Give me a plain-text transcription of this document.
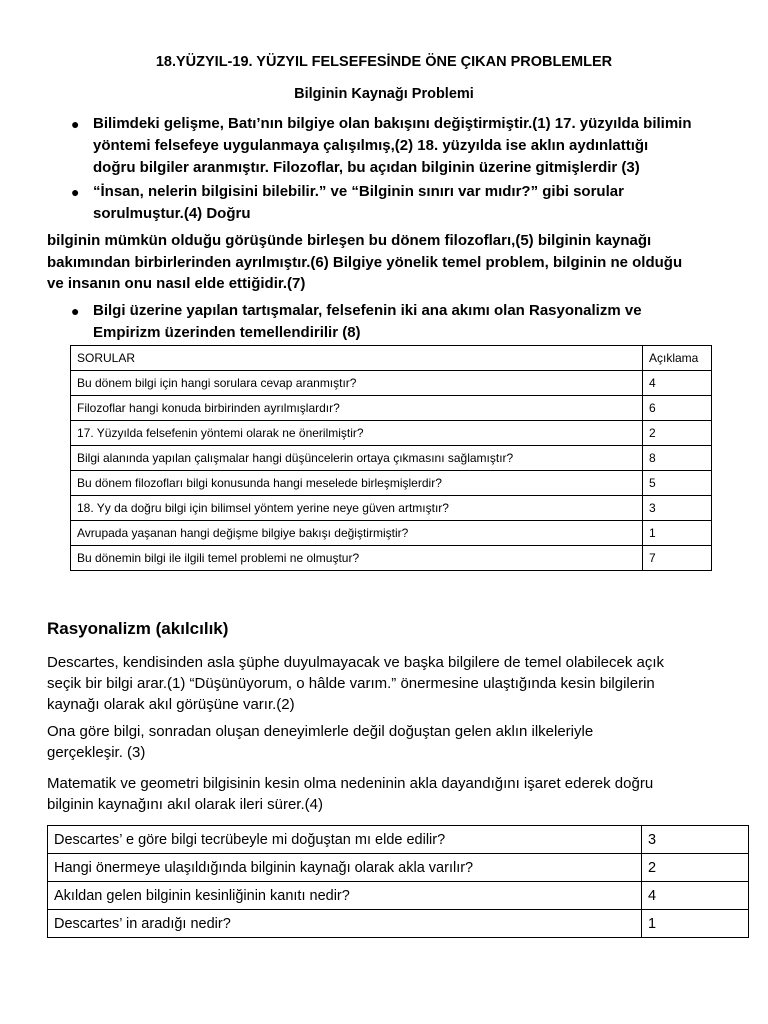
18.YÜZYIL-19. YÜZYIL FELSEFESİNDE ÖNE ÇIKAN PROBLEMLER
Bilginin Kaynağı Problemi
● Bilimdeki gelişme, Batı’nın bilgiye olan bakışını değiştirmiştir.(1) 17. yüzyılda bilimin
yöntemi felsefeye uygulanmaya çalışılmış,(2) 18. yüzyılda ise aklın aydınlattığı
doğru bilgiler aranmıştır. Filozoflar, bu açıdan bilginin üzerine gitmişlerdir (3)
● “İnsan, nelerin bilgisini bilebilir.” ve “Bilginin sınırı var mıdır?” gibi sorular
sorulmuştur.(4) Doğru
bilginin mümkün olduğu görüşünde birleşen bu dönem filozofları,(5) bilginin kaynağı
bakımından birbirlerinden ayrılmıştır.(6) Bilgiye yönelik temel problem, bilginin ne olduğu
ve insanın onu nasıl elde ettiğidir.(7)
● Bilgi üzerine yapılan tartışmalar, felsefenin iki ana akımı olan Rasyonalizm ve
Empirizm üzerinden temellendirilir (8)
SORULAR	Açıklama
Bu dönem bilgi için hangi sorulara cevap aranmıştır?	4
Filozoflar hangi konuda birbirinden ayrılmışlardır?	6
17. Yüzyılda felsefenin yöntemi olarak ne önerilmiştir?	2
Bilgi alanında yapılan çalışmalar hangi düşüncelerin ortaya çıkmasını sağlamıştır?	8
Bu dönem filozofları bilgi konusunda hangi meselede birleşmişlerdir?	5
18. Yy da doğru bilgi için bilimsel yöntem yerine neye güven artmıştır?	3
Avrupada yaşanan hangi değişme bilgiye bakışı değiştirmiştir?	1
Bu dönemin bilgi ile ilgili temel problemi ne olmuştur?	7
Rasyonalizm (akılcılık)
Descartes, kendisinden asla şüphe duyulmayacak ve başka bilgilere de temel olabilecek açık
seçik bir bilgi arar.(1) “Düşünüyorum, o hâlde varım.” önermesine ulaştığında kesin bilgilerin
kaynağı olarak akıl görüşüne varır.(2)
Ona göre bilgi, sonradan oluşan deneyimlerle değil doğuştan gelen aklın ilkeleriyle
gerçekleşir. (3)
Matematik ve geometri bilgisinin kesin olma nedeninin akla dayandığını işaret ederek doğru
bilginin kaynağını akıl olarak ileri sürer.(4)
Descartes’ e göre bilgi tecrübeyle mi doğuştan mı elde edilir?	3
Hangi önermeye ulaşıldığında bilginin kaynağı olarak akla varılır?	2
Akıldan gelen bilginin kesinliğinin kanıtı nedir?	4
Descartes’ in aradığı nedir?	1
